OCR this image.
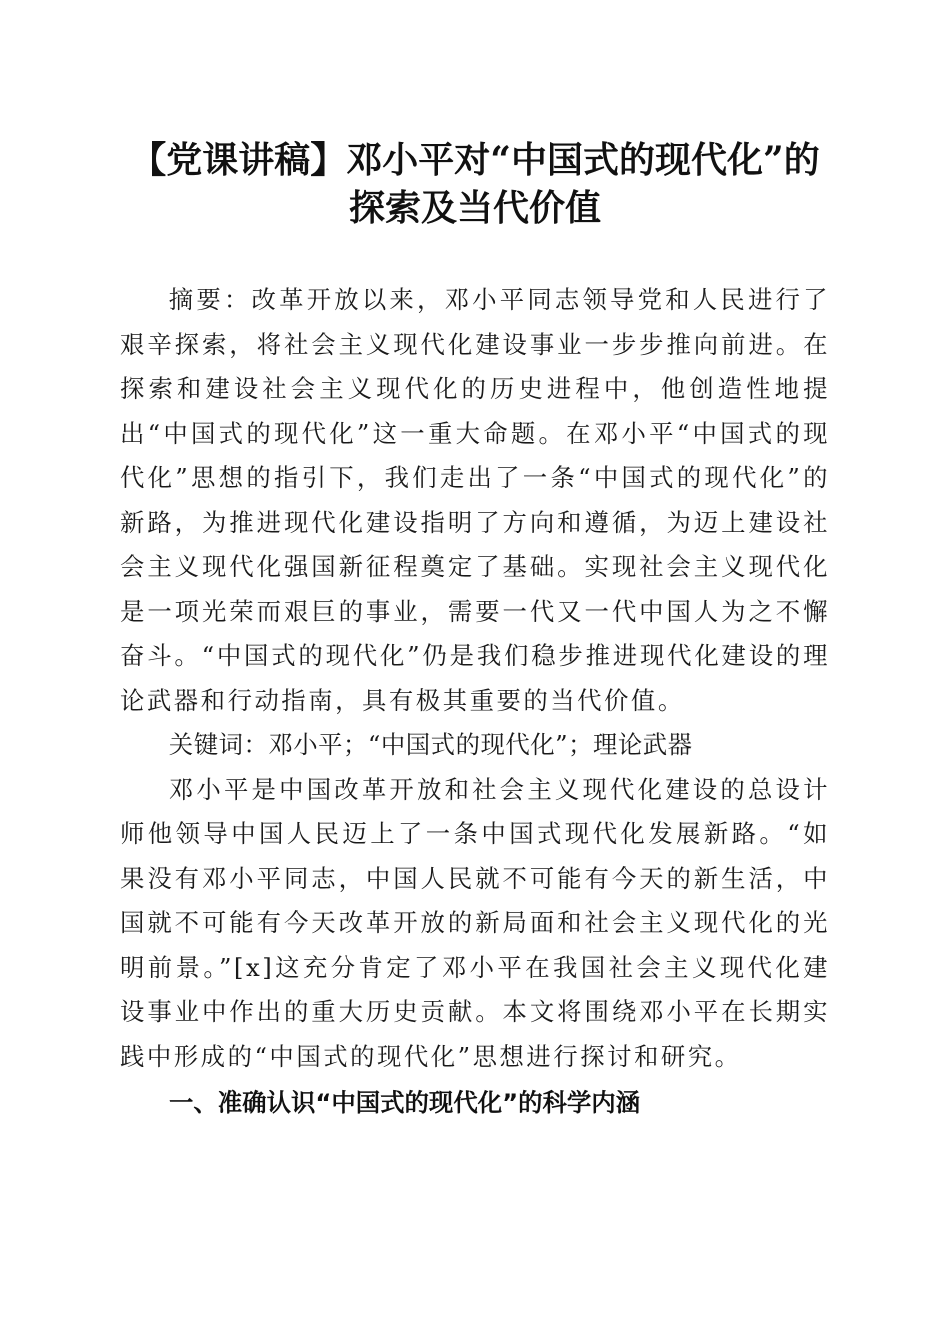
【党课讲稿】邓小平对“中国式的现代化”的
探索及当代价值

摘要：改革开放以来，邓小平同志领导党和人民进行了艰辛探索，将社会主义现代化建设事业一步步推向前进。在探索和建设社会主义现代化的历史进程中，他创造性地提出“中国式的现代化”这一重大命题。在邓小平“中国式的现代化”思想的指引下，我们走出了一条“中国式的现代化”的新路，为推进现代化建设指明了方向和遵循，为迈上建设社会主义现代化强国新征程奠定了基础。实现社会主义现代化是一项光荣而艰巨的事业，需要一代又一代中国人为之不懈奋斗。“中国式的现代化”仍是我们稳步推进现代化建设的理论武器和行动指南，具有极其重要的当代价值。

关键词：邓小平；“中国式的现代化”；理论武器

邓小平是中国改革开放和社会主义现代化建设的总设计师他领导中国人民迈上了一条中国式现代化发展新路。“如果没有邓小平同志，中国人民就不可能有今天的新生活，中国就不可能有今天改革开放的新局面和社会主义现代化的光明前景。”[x]这充分肯定了邓小平在我国社会主义现代化建设事业中作出的重大历史贡献。本文将围绕邓小平在长期实践中形成的“中国式的现代化”思想进行探讨和研究。

一、准确认识“中国式的现代化”的科学内涵
